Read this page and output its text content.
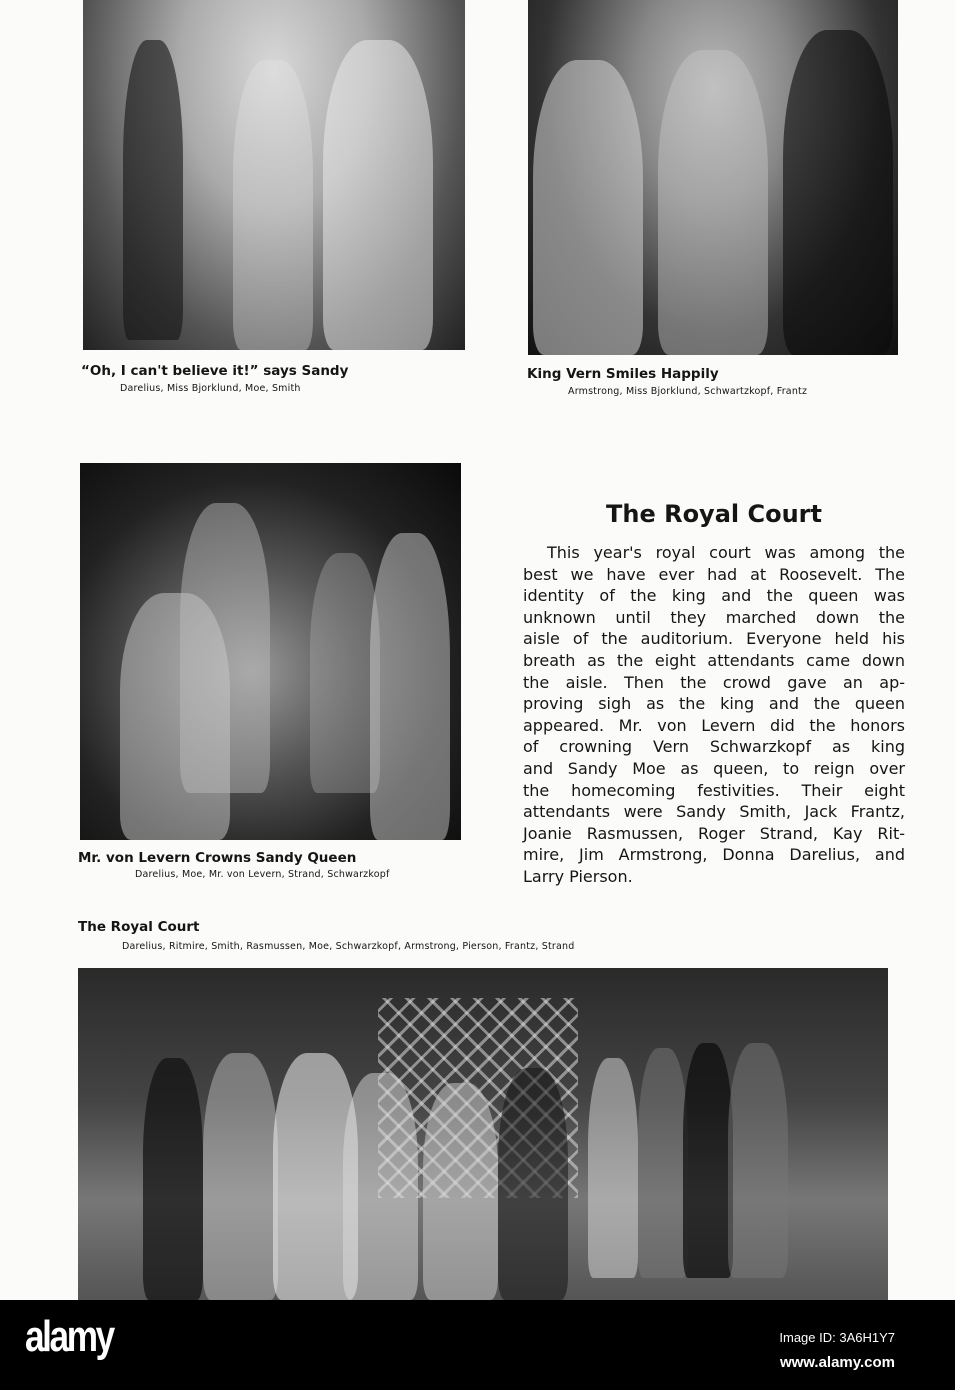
“Oh, I can't believe it!” says Sandy
Darelius, Miss Bjorklund, Moe, Smith
King Vern Smiles Happily
Armstrong, Miss Bjorklund, Schwartzkopf, Frantz
Mr. von Levern Crowns Sandy Queen
Darelius, Moe, Mr. von Levern, Strand, Schwarzkopf
The Royal Court
This year's royal court was among the
best we have ever had at Roosevelt. The
identity of the king and the queen was
unknown until they marched down the
aisle of the auditorium. Everyone held his
breath as the eight attendants came down
the aisle. Then the crowd gave an ap-
proving sigh as the king and the queen
appeared. Mr. von Levern did the honors
of crowning Vern Schwarzkopf as king
and Sandy Moe as queen, to reign over
the homecoming festivities. Their eight
attendants were Sandy Smith, Jack Frantz,
Joanie Rasmussen, Roger Strand, Kay Rit-
mire, Jim Armstrong, Donna Darelius, and
Larry Pierson.
The Royal Court
Darelius, Ritmire, Smith, Rasmussen, Moe, Schwarzkopf, Armstrong, Pierson, Frantz, Strand
alamy	Image ID: 3A6H1Y7
www.alamy.com
